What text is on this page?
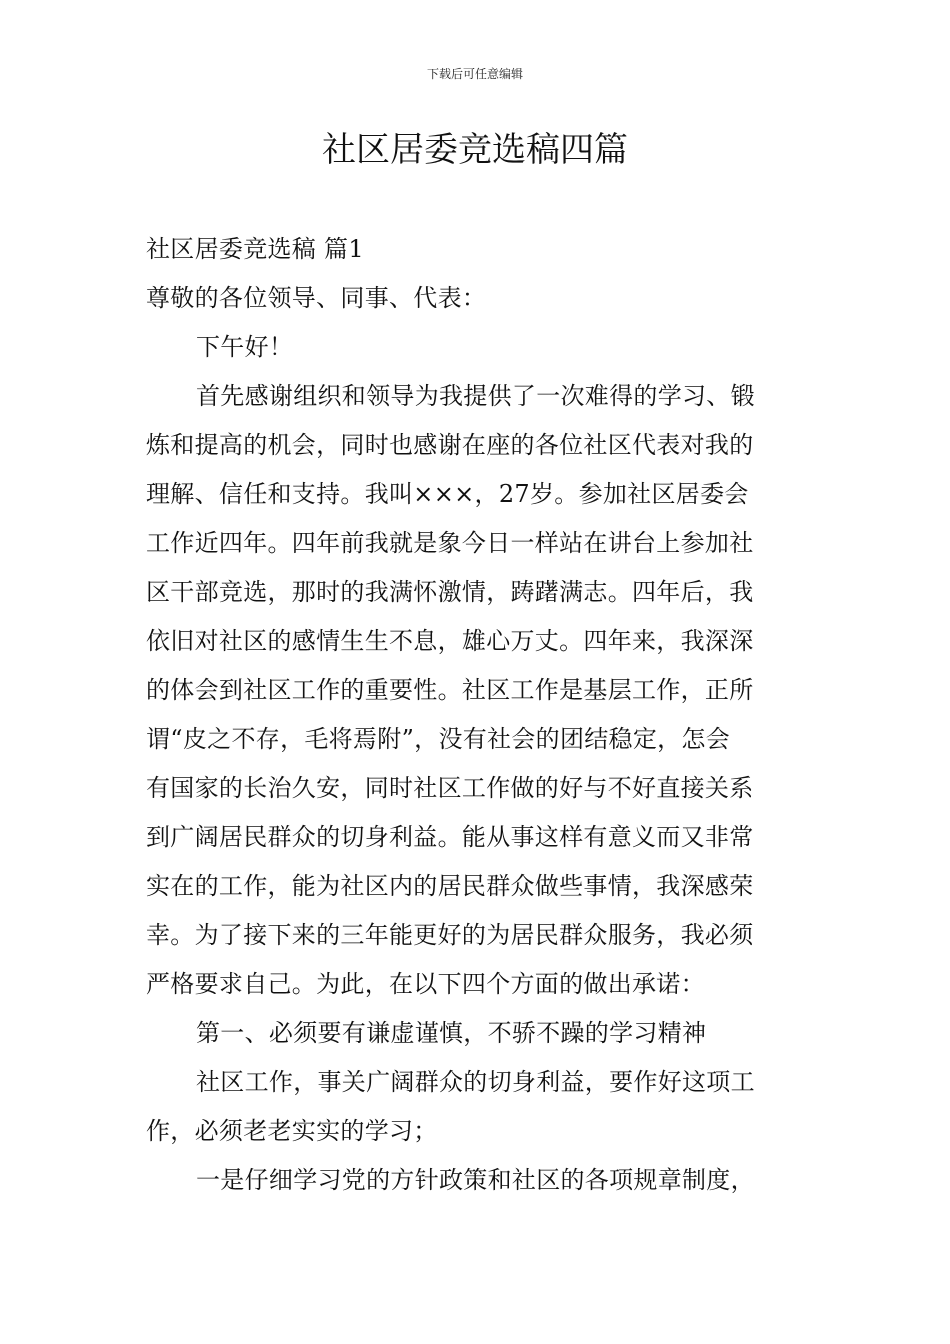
下载后可任意编辑
社区居委竞选稿四篇
社区居委竞选稿 篇1
尊敬的各位领导、同事、代表：
下午好！
首先感谢组织和领导为我提供了一次难得的学习、锻
炼和提高的机会，同时也感谢在座的各位社区代表对我的
理解、信任和支持。我叫×××，27岁。参加社区居委会
工作近四年。四年前我就是象今日一样站在讲台上参加社
区干部竞选，那时的我满怀激情，踌躇满志。四年后，我
依旧对社区的感情生生不息，雄心万丈。四年来，我深深
的体会到社区工作的重要性。社区工作是基层工作，正所
谓“皮之不存，毛将焉附”，没有社会的团结稳定，怎会
有国家的长治久安，同时社区工作做的好与不好直接关系
到广阔居民群众的切身利益。能从事这样有意义而又非常
实在的工作，能为社区内的居民群众做些事情，我深感荣
幸。为了接下来的三年能更好的为居民群众服务，我必须
严格要求自己。为此，在以下四个方面的做出承诺：
第一、必须要有谦虚谨慎，不骄不躁的学习精神
社区工作，事关广阔群众的切身利益，要作好这项工
作，必须老老实实的学习；
一是仔细学习党的方针政策和社区的各项规章制度，
